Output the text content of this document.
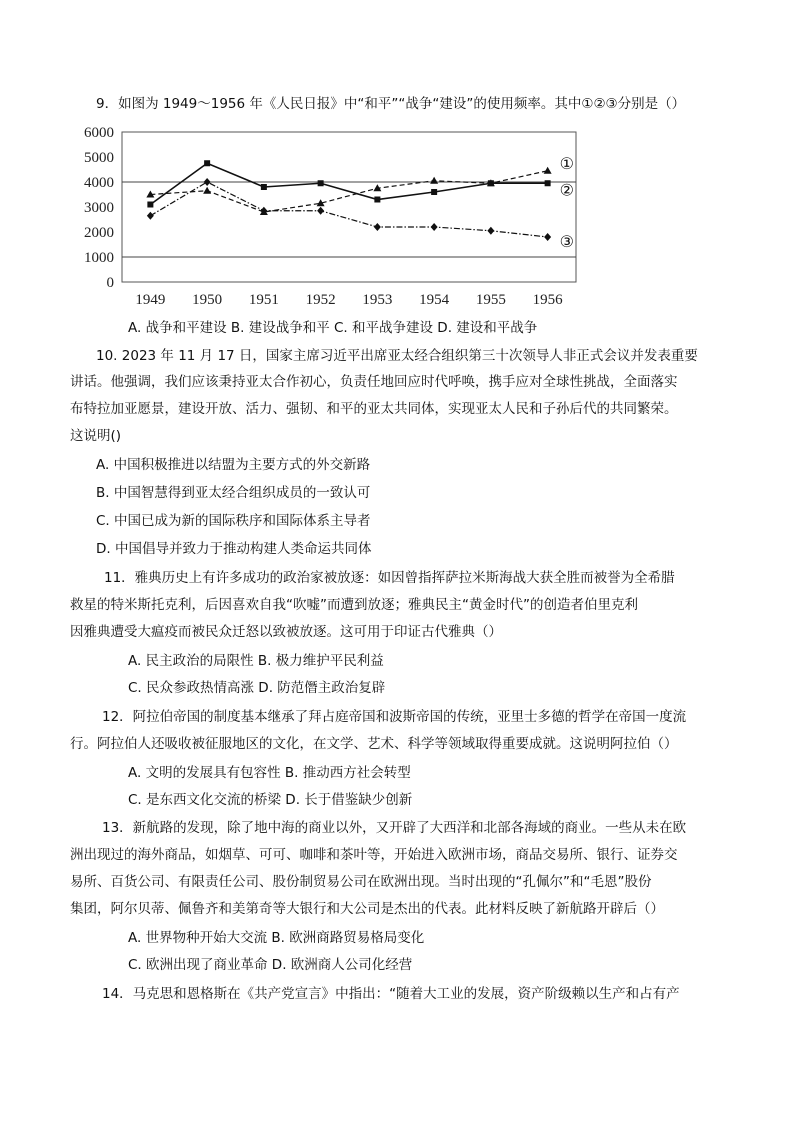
9．如图为 1949～1956 年《人民日报》中“和平”“战争“建设”的使用频率。其中①②③分别是（）
0
1000
2000
3000
4000
5000
6000
1949 1950 1951 1952 1953 1954 1955 1956
①
②
③
A. 战争和平建设 B. 建设战争和平 C. 和平战争建设 D. 建设和平战争
10. 2023 年 11 月 17 日，国家主席习近平出席亚太经合组织第三十次领导人非正式会议并发表重要
讲话。他强调，我们应该秉持亚太合作初心，负责任地回应时代呼唤，携手应对全球性挑战，全面落实
布特拉加亚愿景，建设开放、活力、强韧、和平的亚太共同体，实现亚太人民和子孙后代的共同繁荣。
这说明()
A. 中国积极推进以结盟为主要方式的外交新路
B. 中国智慧得到亚太经合组织成员的一致认可
C. 中国已成为新的国际秩序和国际体系主导者
D. 中国倡导并致力于推动构建人类命运共同体
11．雅典历史上有许多成功的政治家被放逐：如因曾指挥萨拉米斯海战大获全胜而被誉为全希腊
救星的特米斯托克利，后因喜欢自我“吹嘘”而遭到放逐；雅典民主“黄金时代”的创造者伯里克利
因雅典遭受大瘟疫而被民众迁怒以致被放逐。这可用于印证古代雅典（）
A. 民主政治的局限性 B. 极力维护平民利益
C. 民众参政热情高涨 D. 防范僭主政治复辟
12．阿拉伯帝国的制度基本继承了拜占庭帝国和波斯帝国的传统，亚里士多德的哲学在帝国一度流
行。阿拉伯人还吸收被征服地区的文化，在文学、艺术、科学等领域取得重要成就。这说明阿拉伯（）
A. 文明的发展具有包容性 B. 推动西方社会转型
C. 是东西文化交流的桥梁 D. 长于借鉴缺少创新
13．新航路的发现，除了地中海的商业以外，又开辟了大西洋和北部各海域的商业。一些从未在欧
洲出现过的海外商品，如烟草、可可、咖啡和茶叶等，开始进入欧洲市场，商品交易所、银行、证券交
易所、百货公司、有限责任公司、股份制贸易公司在欧洲出现。当时出现的“孔佩尔”和“毛恩”股份
集团，阿尔贝蒂、佩鲁齐和美第奇等大银行和大公司是杰出的代表。此材料反映了新航路开辟后（）
A. 世界物种开始大交流 B. 欧洲商路贸易格局变化
C. 欧洲出现了商业革命 D. 欧洲商人公司化经营
14．马克思和恩格斯在《共产党宣言》中指出：“随着大工业的发展，资产阶级赖以生产和占有产
